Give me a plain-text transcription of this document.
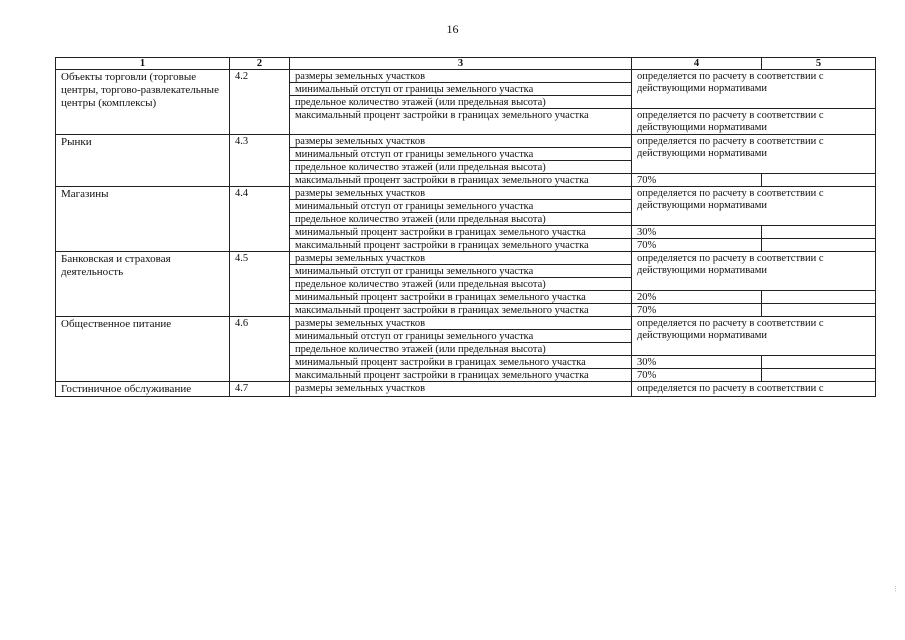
16
1	2	3	4	5
Объекты торговли (торговые центры, торгово-развлекательные центры (комплексы)	4.2	размеры земельных участков	определяется по расчету в соответствии с действующими нормативами	
		минимальный отступ от границы земельного участка		
		предельное количество этажей (или предельная высота)		
		максимальный процент застройки в границах земельного участка	определяется по расчету в соответствии с действующими нормативами	
Рынки	4.3	размеры земельных участков	определяется по расчету в соответствии с действующими нормативами	
		минимальный отступ от границы земельного участка		
		предельное количество этажей (или предельная высота)		
		максимальный процент застройки в границах земельного участка	70%	
Магазины	4.4	размеры земельных участков	определяется по расчету в соответствии с действующими нормативами	
		минимальный отступ от границы земельного участка		
		предельное количество этажей (или предельная высота)		
		минимальный процент застройки в границах земельного участка	30%	
		максимальный процент застройки в границах земельного участка	70%	
Банковская и страховая деятельность	4.5	размеры земельных участков	определяется по расчету в соответствии с действующими нормативами	
		минимальный отступ от границы земельного участка		
		предельное количество этажей (или предельная высота)		
		минимальный процент застройки в границах земельного участка	20%	
		максимальный процент застройки в границах земельного участка	70%	
Общественное питание	4.6	размеры земельных участков	определяется по расчету в соответствии с действующими нормативами	
		минимальный отступ от границы земельного участка		
		предельное количество этажей (или предельная высота)		
		минимальный процент застройки в границах земельного участка	30%	
		максимальный процент застройки в границах земельного участка	70%	
Гостиничное обслуживание	4.7	размеры земельных участков	определяется по расчету в соответствии с	
⋮
